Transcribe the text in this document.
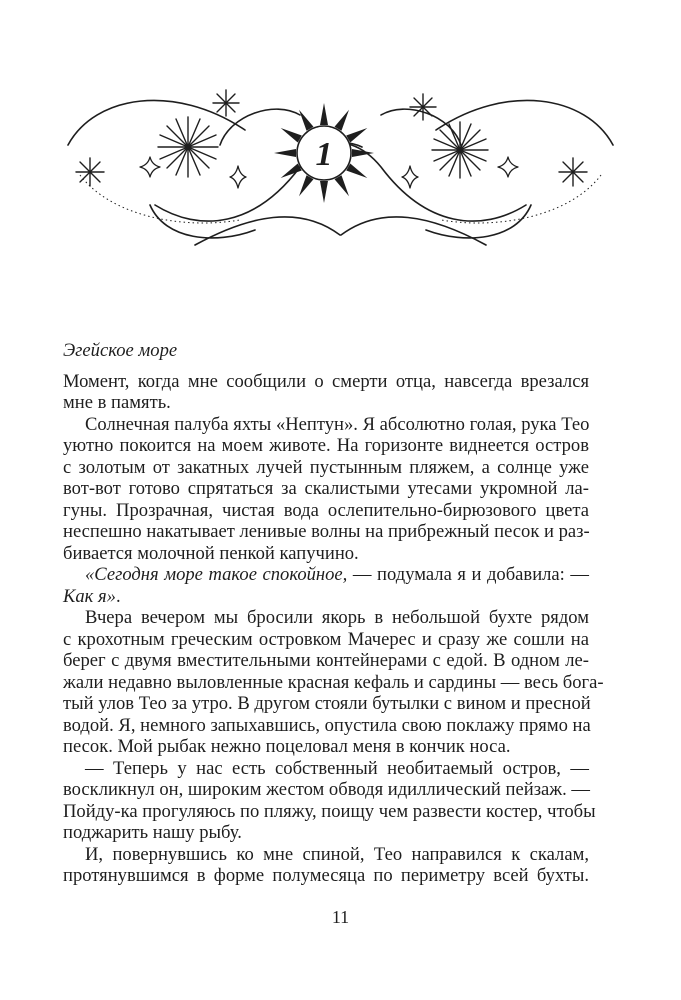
1
Эгейское море
Момент, когда мне сообщили о смерти отца, навсегда врезался
мне в память.
Солнечная палуба яхты «Нептун». Я абсолютно голая, рука Тео
уютно покоится на моем животе. На горизонте виднеется остров
с золотым от закатных лучей пустынным пляжем, а солнце уже
вот-вот готово спрятаться за скалистыми утесами укромной ла-
гуны. Прозрачная, чистая вода ослепительно-бирюзового цвета
неспешно накатывает ленивые волны на прибрежный песок и раз-
бивается молочной пенкой капучино.
«Сегодня море такое спокойное, — подумала я и добавила: —
Как я».
Вчера вечером мы бросили якорь в небольшой бухте рядом
с крохотным греческим островком Мачерес и сразу же сошли на
берег с двумя вместительными контейнерами с едой. В одном ле-
жали недавно выловленные красная кефаль и сардины — весь бога-
тый улов Тео за утро. В другом стояли бутылки с вином и пресной
водой. Я, немного запыхавшись, опустила свою поклажу прямо на
песок. Мой рыбак нежно поцеловал меня в кончик носа.
— Теперь у нас есть собственный необитаемый остров, —
воскликнул он, широким жестом обводя идиллический пейзаж. —
Пойду-ка прогуляюсь по пляжу, поищу чем развести костер, чтобы
поджарить нашу рыбу.
И, повернувшись ко мне спиной, Тео направился к скалам,
протянувшимся в форме полумесяца по периметру всей бухты.
11
